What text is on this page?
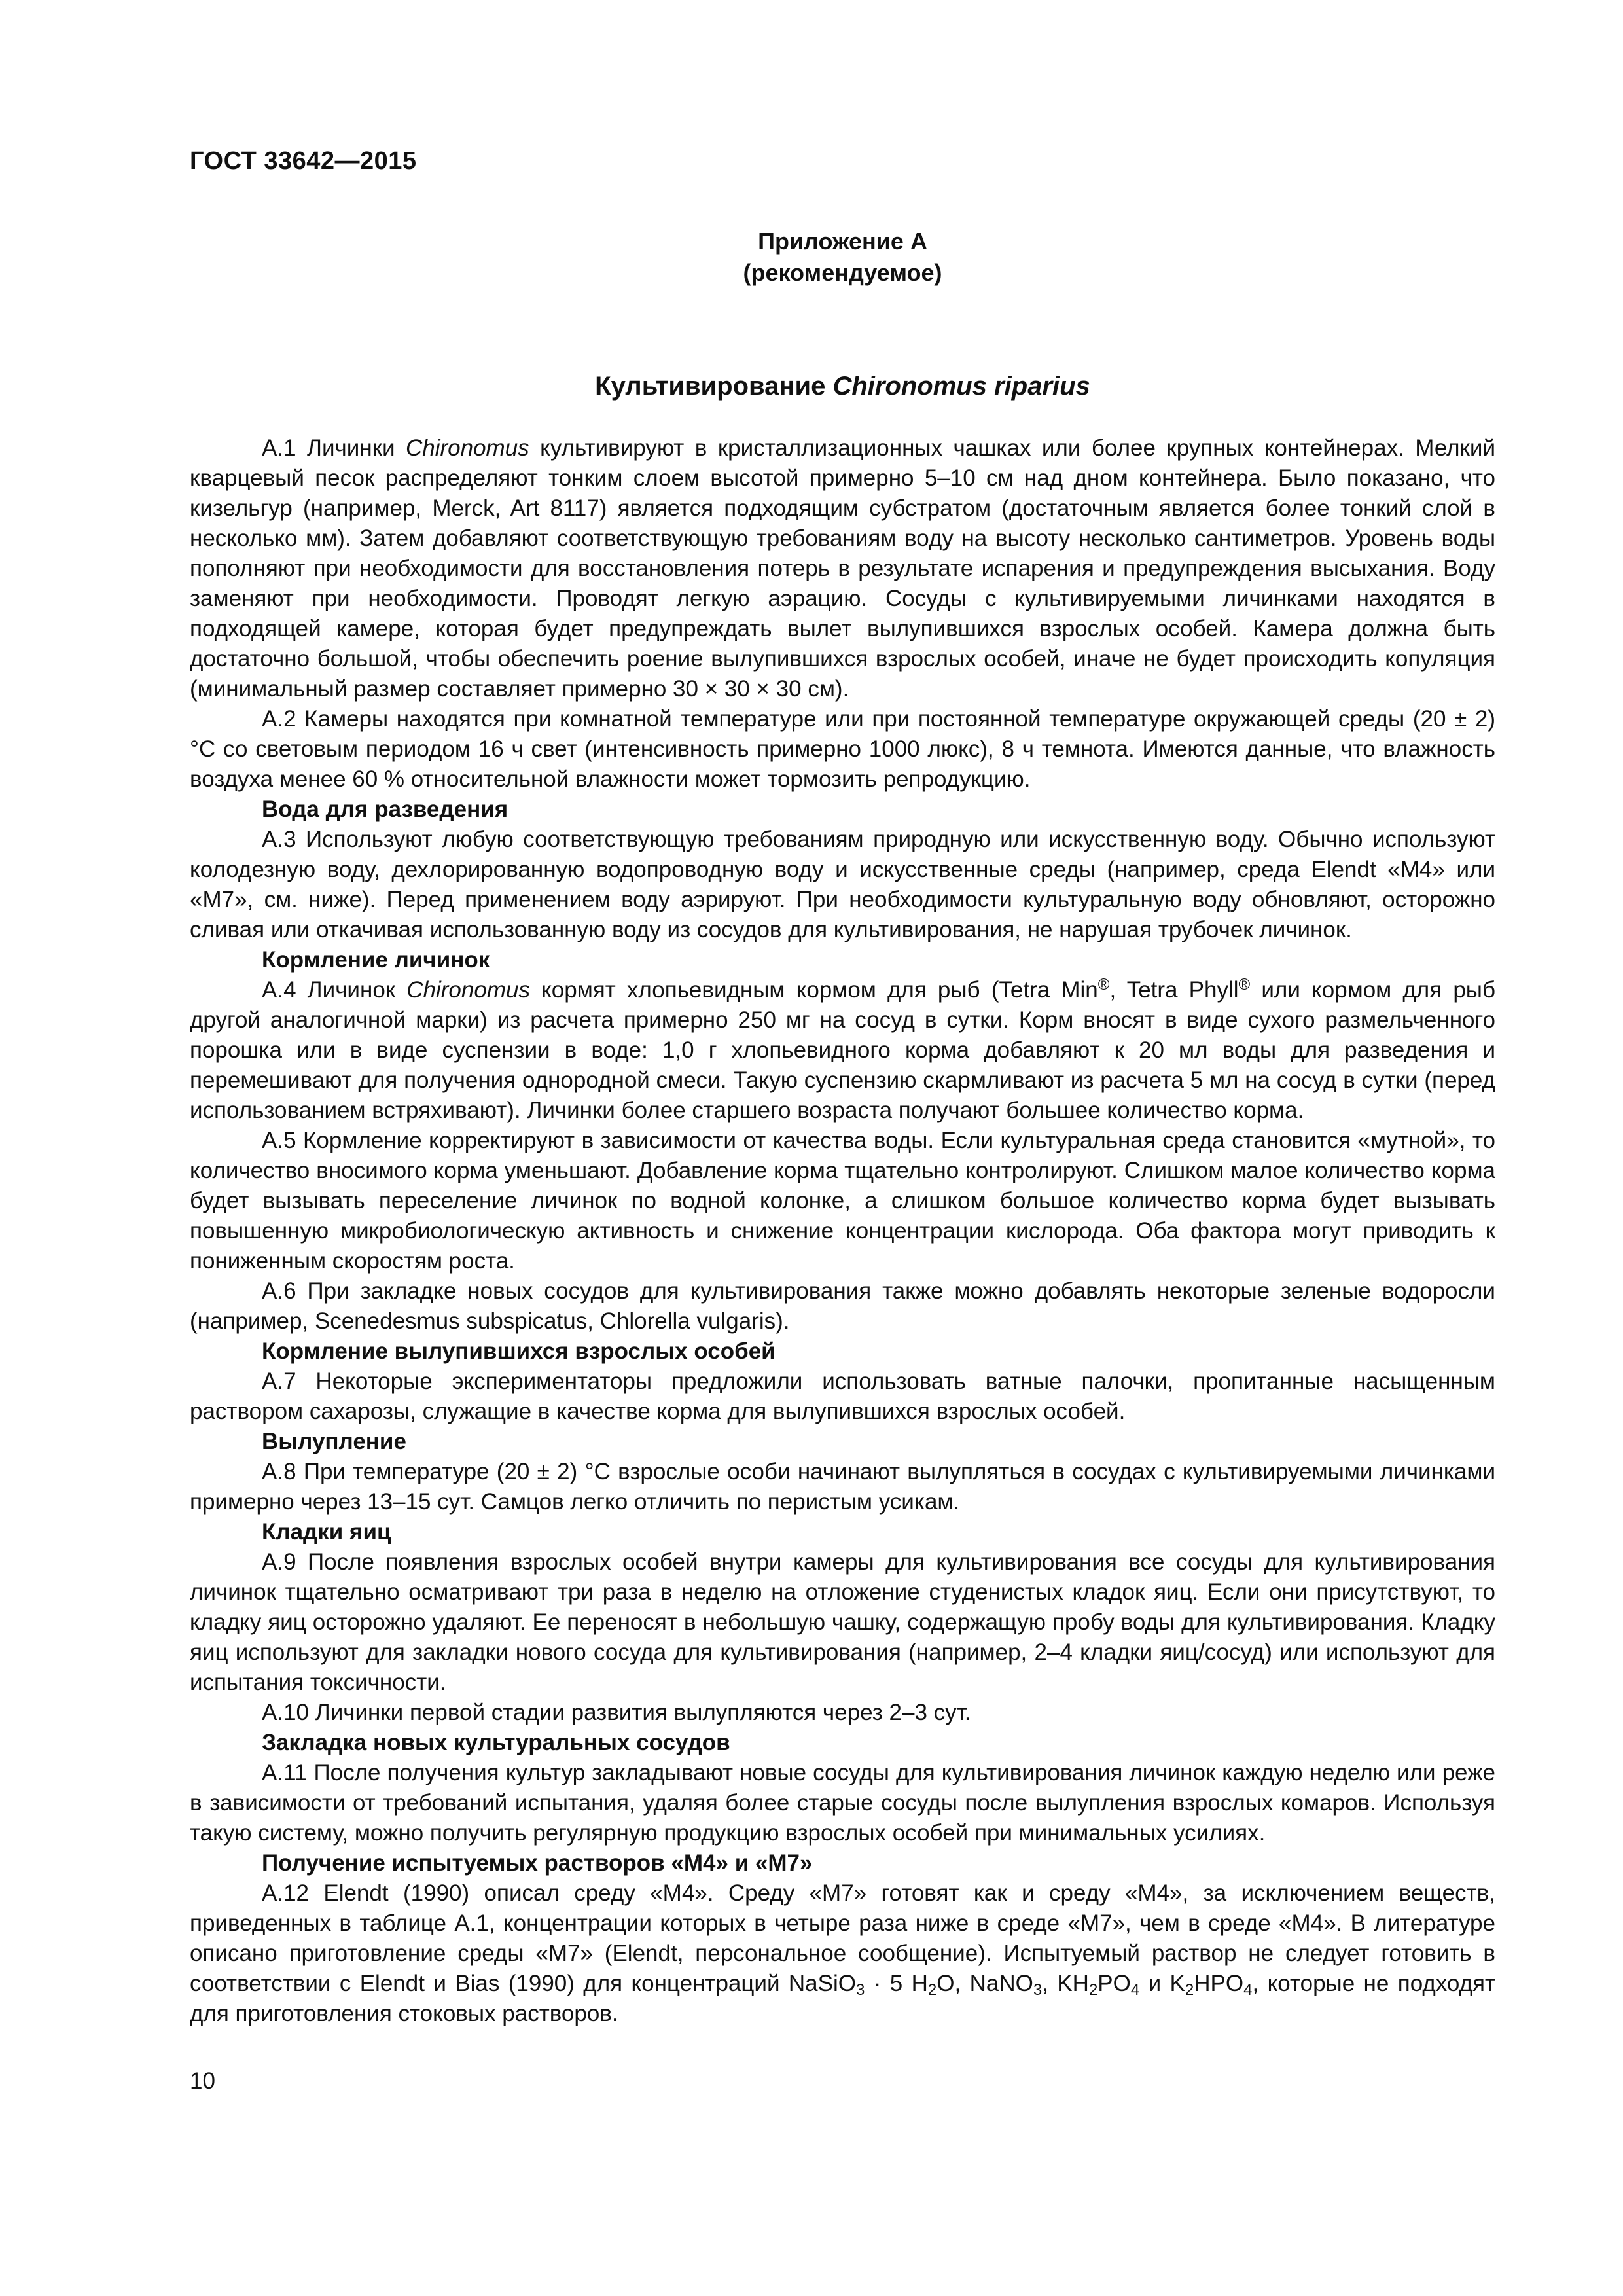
ГОСТ 33642—2015
Приложение А
(рекомендуемое)
Культивирование Chironomus riparius

А.1 Личинки Chironomus культивируют в кристаллизационных чашках или более крупных контейнерах. Мелкий кварцевый песок распределяют тонким слоем высотой примерно 5–10 см над дном контейнера. Было показано, что кизельгур (например, Merck, Art 8117) является подходящим субстратом (достаточным является более тонкий слой в несколько мм). Затем добавляют соответствующую требованиям воду на высоту несколько сантиметров. Уровень воды пополняют при необходимости для восстановления потерь в результате испарения и предупреждения высыхания. Воду заменяют при необходимости. Проводят легкую аэрацию. Сосуды с культивируемыми личинками находятся в подходящей камере, которая будет предупреждать вылет вылупившихся взрослых особей. Камера должна быть достаточно большой, чтобы обеспечить роение вылупившихся взрослых особей, иначе не будет происходить копуляция (минимальный размер составляет примерно 30 × 30 × 30 см).

А.2 Камеры находятся при комнатной температуре или при постоянной температуре окружающей среды (20 ± 2) °С со световым периодом 16 ч свет (интенсивность примерно 1000 люкс), 8 ч темнота. Имеются данные, что влажность воздуха менее 60 % относительной влажности может тормозить репродукцию.

Вода для разведения

А.3 Используют любую соответствующую требованиям природную или искусственную воду. Обычно используют колодезную воду, дехлорированную водопроводную воду и искусственные среды (например, среда Elendt «М4» или «М7», см. ниже). Перед применением воду аэрируют. При необходимости культуральную воду обновляют, осторожно сливая или откачивая использованную воду из сосудов для культивирования, не нарушая трубочек личинок.

Кормление личинок

А.4 Личинок Chironomus кормят хлопьевидным кормом для рыб (Tetra Min®, Tetra Phyll® или кормом для рыб другой аналогичной марки) из расчета примерно 250 мг на сосуд в сутки. Корм вносят в виде сухого размельченного порошка или в виде суспензии в воде: 1,0 г хлопьевидного корма добавляют к 20 мл воды для разведения и перемешивают для получения однородной смеси. Такую суспензию скармливают из расчета 5 мл на сосуд в сутки (перед использованием встряхивают). Личинки более старшего возраста получают большее количество корма.

А.5 Кормление корректируют в зависимости от качества воды. Если культуральная среда становится «мутной», то количество вносимого корма уменьшают. Добавление корма тщательно контролируют. Слишком малое количество корма будет вызывать переселение личинок по водной колонке, а слишком большое количество корма будет вызывать повышенную микробиологическую активность и снижение концентрации кислорода. Оба фактора могут приводить к пониженным скоростям роста.

А.6 При закладке новых сосудов для культивирования также можно добавлять некоторые зеленые водоросли (например, Scenedesmus subspicatus, Chlorella vulgaris).

Кормление вылупившихся взрослых особей

А.7 Некоторые экспериментаторы предложили использовать ватные палочки, пропитанные насыщенным раствором сахарозы, служащие в качестве корма для вылупившихся взрослых особей.

Вылупление

А.8 При температуре (20 ± 2) °С взрослые особи начинают вылупляться в сосудах с культивируемыми личинками примерно через 13–15 сут. Самцов легко отличить по перистым усикам.

Кладки яиц

А.9 После появления взрослых особей внутри камеры для культивирования все сосуды для культивирования личинок тщательно осматривают три раза в неделю на отложение студенистых кладок яиц. Если они присутствуют, то кладку яиц осторожно удаляют. Ее переносят в небольшую чашку, содержащую пробу воды для культивирования. Кладку яиц используют для закладки нового сосуда для культивирования (например, 2–4 кладки яиц/сосуд) или используют для испытания токсичности.

А.10 Личинки первой стадии развития вылупляются через 2–3 сут.

Закладка новых культуральных сосудов

А.11 После получения культур закладывают новые сосуды для культивирования личинок каждую неделю или реже в зависимости от требований испытания, удаляя более старые сосуды после вылупления взрослых комаров. Используя такую систему, можно получить регулярную продукцию взрослых особей при минимальных усилиях.

Получение испытуемых растворов «М4» и «М7»

А.12 Elendt (1990) описал среду «М4». Среду «М7» готовят как и среду «М4», за исключением веществ, приведенных в таблице А.1, концентрации которых в четыре раза ниже в среде «М7», чем в среде «М4». В литературе описано приготовление среды «М7» (Elendt, персональное сообщение). Испытуемый раствор не следует готовить в соответствии с Elendt и Bias (1990) для концентраций NaSiO$_3$ · 5 $H_2O$, NaNO$_3$, $KH_2PO_4$ и $K_2HPO_4$, которые не подходят для приготовления стоковых растворов.

10
